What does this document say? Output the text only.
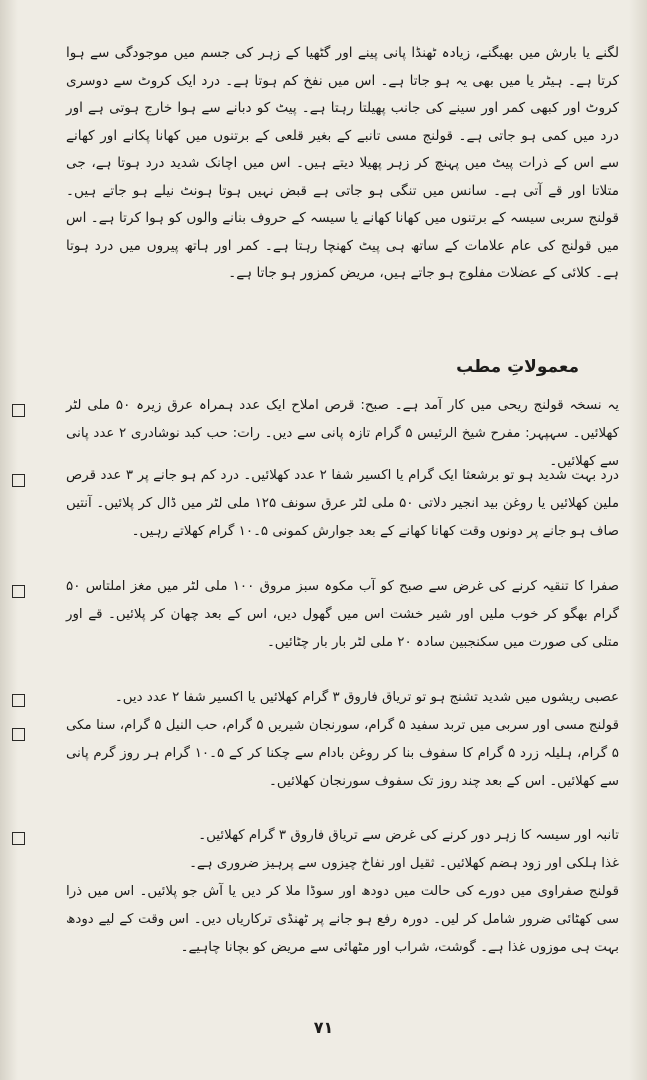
لگنے یا بارش میں بھیگنے، زیادہ ٹھنڈا پانی پینے اور گٹھیا کے زہر کی جسم میں موجودگی سے ہوا کرتا ہے۔ ہیٹر یا میں بھی یہ ہو جاتا ہے۔ اس میں نفخ کم ہوتا ہے۔ درد ایک کروٹ سے دوسری کروٹ اور کبھی کمر اور سینے کی جانب پھیلتا رہتا ہے۔ پیٹ کو دبانے سے ہوا خارج ہوتی ہے اور درد میں کمی ہو جاتی ہے۔ قولنج مسی تانبے کے بغیر قلعی کے برتنوں میں کھانا پکانے اور کھانے سے اس کے ذرات پیٹ میں پہنچ کر زہر پھیلا دیتے ہیں۔ اس میں اچانک شدید درد ہوتا ہے، جی متلاتا اور قے آتی ہے۔ سانس میں تنگی ہو جاتی ہے قبض نہیں ہوتا ہونٹ نیلے ہو جاتے ہیں۔ قولنج سربی سیسہ کے برتنوں میں کھانا کھانے یا سیسہ کے حروف بنانے والوں کو ہوا کرتا ہے۔ اس میں قولنج کی عام علامات کے ساتھ ہی پیٹ کھنچا رہتا ہے۔ کمر اور ہاتھ پیروں میں درد ہوتا ہے۔ کلائی کے عضلات مفلوج ہو جاتے ہیں، مریض کمزور ہو جاتا ہے۔
معمولاتِ مطب

یہ نسخہ قولنج ریحی میں کار آمد ہے۔ صبح: قرص املاح ایک عدد ہمراہ عرق زیرہ ۵۰ ملی لٹر کھلائیں۔ سہپہر: مفرح شیخ الرئیس ۵ گرام تازہ پانی سے دیں۔ رات: حب کبد نوشادری ۲ عدد پانی سے کھلائیں۔

درد بہت شدید ہو تو برشعثا ایک گرام یا اکسیر شفا ۲ عدد کھلائیں۔ درد کم ہو جانے پر ۳ عدد قرص ملین کھلائیں یا روغن بید انجیر دلاتی ۵۰ ملی لٹر عرق سونف ۱۲۵ ملی لٹر میں ڈال کر پلائیں۔ آنتیں صاف ہو جانے پر دونوں وقت کھانا کھانے کے بعد جوارش کمونی ۵۔۱۰ گرام کھلاتے رہیں۔

صفرا کا تنقیہ کرنے کی غرض سے صبح کو آب مکوہ سبز مروق ۱۰۰ ملی لٹر میں مغز املتاس ۵۰ گرام بھگو کر خوب ملیں اور شیر خشت اس میں گھول دیں، اس کے بعد چھان کر پلائیں۔ قے اور متلی کی صورت میں سکنجبین سادہ ۲۰ ملی لٹر بار بار چٹائیں۔

عصبی ریشوں میں شدید تشنج ہو تو تریاق فاروق ۳ گرام کھلائیں یا اکسیر شفا ۲ عدد دیں۔

قولنج مسی اور سربی میں تربد سفید ۵ گرام، سورنجان شیریں ۵ گرام، حب النیل ۵ گرام، سنا مکی ۵ گرام، ہلیلہ زرد ۵ گرام کا سفوف بنا کر روغن بادام سے چکنا کر کے ۵۔۱۰ گرام ہر روز گرم پانی سے کھلائیں۔ اس کے بعد چند روز تک سفوف سورنجان کھلائیں۔

تانبہ اور سیسہ کا زہر دور کرنے کی غرض سے تریاق فاروق ۳ گرام کھلائیں۔

غذا ہلکی اور زود ہضم کھلائیں۔ ثقیل اور نفاخ چیزوں سے پرہیز ضروری ہے۔

قولنج صفراوی میں دورے کی حالت میں دودھ اور سوڈا ملا کر دیں یا آش جو پلائیں۔ اس میں ذرا سی کھٹائی ضرور شامل کر لیں۔ دورہ رفع ہو جانے پر ٹھنڈی ترکاریاں دیں۔ اس وقت کے لیے دودھ بہت ہی موزوں غذا ہے۔ گوشت، شراب اور مٹھائی سے مریض کو بچانا چاہیے۔

۷۱
